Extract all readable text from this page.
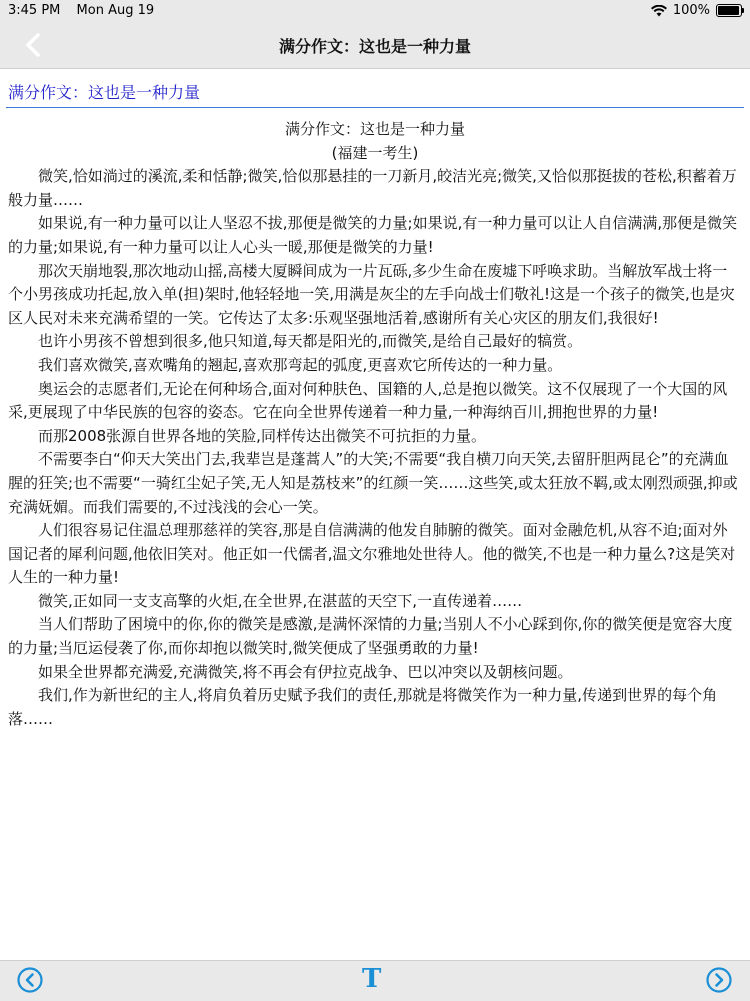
3:45 PM Mon Aug 19	100%
满分作文：这也是一种力量
满分作文：这也是一种力量
满分作文：这也是一种力量
(福建一考生)

微笑,恰如淌过的溪流,柔和恬静;微笑,恰似那悬挂的一刀新月,皎洁光亮;微笑,又恰似那挺拔的苍松,积蓄着万般力量……

如果说,有一种力量可以让人坚忍不拔,那便是微笑的力量;如果说,有一种力量可以让人自信满满,那便是微笑的力量;如果说,有一种力量可以让人心头一暖,那便是微笑的力量!

那次天崩地裂,那次地动山摇,高楼大厦瞬间成为一片瓦砾,多少生命在废墟下呼唤求助。当解放军战士将一个小男孩成功托起,放入单(担)架时,他轻轻地一笑,用满是灰尘的左手向战士们敬礼!这是一个孩子的微笑,也是灾区人民对未来充满希望的一笑。它传达了太多:乐观坚强地活着,感谢所有关心灾区的朋友们,我很好!

也许小男孩不曾想到很多,他只知道,每天都是阳光的,而微笑,是给自己最好的犒赏。

我们喜欢微笑,喜欢嘴角的翘起,喜欢那弯起的弧度,更喜欢它所传达的一种力量。

奥运会的志愿者们,无论在何种场合,面对何种肤色、国籍的人,总是抱以微笑。这不仅展现了一个大国的风采,更展现了中华民族的包容的姿态。它在向全世界传递着一种力量,一种海纳百川,拥抱世界的力量!

而那2008张源自世界各地的笑脸,同样传达出微笑不可抗拒的力量。

不需要李白“仰天大笑出门去,我辈岂是蓬蒿人”的大笑;不需要“我自横刀向天笑,去留肝胆两昆仑”的充满血腥的狂笑;也不需要“一骑红尘妃子笑,无人知是荔枝来”的红颜一笑……这些笑,或太狂放不羁,或太刚烈顽强,抑或充满妩媚。而我们需要的,不过浅浅的会心一笑。

人们很容易记住温总理那慈祥的笑容,那是自信满满的他发自肺腑的微笑。面对金融危机,从容不迫;面对外国记者的犀利问题,他依旧笑对。他正如一代儒者,温文尔雅地处世待人。他的微笑,不也是一种力量么?这是笑对人生的一种力量!

微笑,正如同一支支高擎的火炬,在全世界,在湛蓝的天空下,一直传递着……

当人们帮助了困境中的你,你的微笑是感激,是满怀深情的力量;当别人不小心踩到你,你的微笑便是宽容大度的力量;当厄运侵袭了你,而你却抱以微笑时,微笑便成了坚强勇敢的力量!

如果全世界都充满爱,充满微笑,将不再会有伊拉克战争、巴以冲突以及朝核问题。

我们,作为新世纪的主人,将肩负着历史赋予我们的责任,那就是将微笑作为一种力量,传递到世界的每个角落……

T
